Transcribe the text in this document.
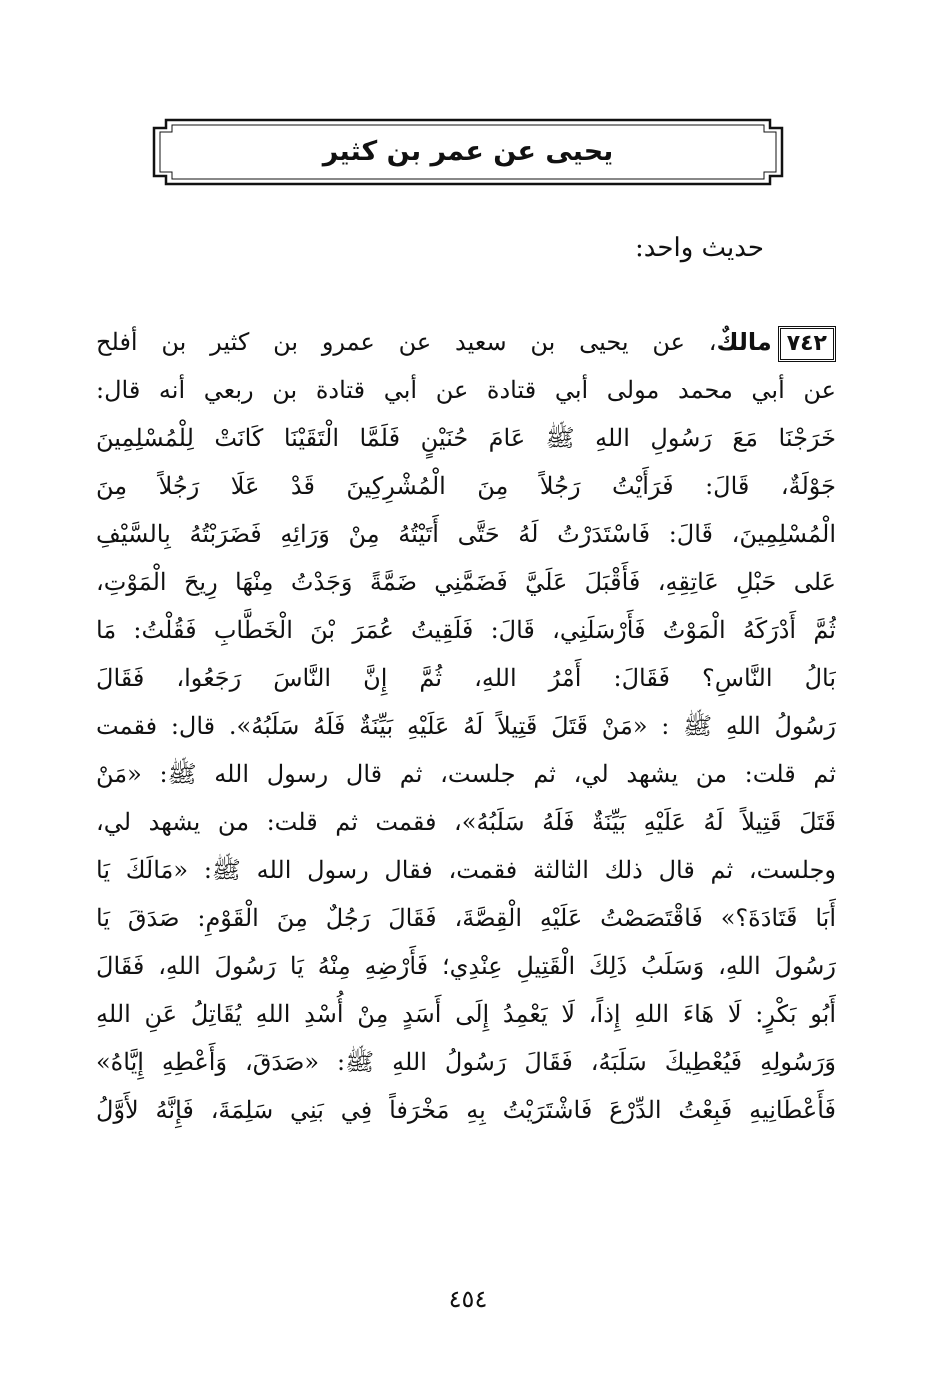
يحيى عن عمر بن كثير
حديث واحد:
٧٤٢مالكٌ، عن يحيى بن سعيد عن عمرو بن كثير بن أفلح
عن أبي محمد مولى أبي قتادة عن أبي قتادة بن ربعي أنه قال:
خَرَجْنَا مَعَ رَسُولِ اللهِ ﷺ عَامَ حُنَيْنٍ فَلَمَّا الْتَقَيْنَا كَانَتْ لِلْمُسْلِمِينَ
جَوْلَةٌ، قَالَ: فَرَأَيْتُ رَجُلاً مِنَ الْمُشْرِكِينَ قَدْ عَلَا رَجُلاً مِنَ
الْمُسْلِمِينَ، قَالَ: فَاسْتَدَرْتُ لَهُ حَتَّى أَتَيْتُهُ مِنْ وَرَائِهِ فَضَرَبْتُهُ بِالسَّيْفِ
عَلى حَبْلِ عَاتِقِهِ، فَأَقْبَلَ عَلَيَّ فَضَمَّنِي ضَمَّةً وَجَدْتُ مِنْهَا رِيحَ الْمَوْتِ،
ثُمَّ أَدْرَكَهُ الْمَوْتُ فَأَرْسَلَنِي، قَالَ: فَلَقِيتُ عُمَرَ بْنَ الْخَطَّابِ فَقُلْتُ: مَا
بَالُ النَّاسِ؟ فَقَالَ: أَمْرُ اللهِ، ثُمَّ إِنَّ النَّاسَ رَجَعُوا، فَقَالَ
رَسُولُ اللهِ ﷺ : «مَنْ قَتَلَ قَتِيلاً لَهُ عَلَيْهِ بَيِّنَةٌ فَلَهُ سَلَبُهُ». قال: فقمت
ثم قلت: من يشهد لي، ثم جلست، ثم قال رسول الله ﷺ: «مَنْ
قَتَلَ قَتِيلاً لَهُ عَلَيْهِ بَيِّنَةٌ فَلَهُ سَلَبُهُ»، فقمت ثم قلت: من يشهد لي،
وجلست، ثم قال ذلك الثالثة فقمت، فقال رسول الله ﷺ: «مَالَكَ يَا
أَبَا قَتَادَةَ؟» فَاقْتَصَصْتُ عَلَيْهِ الْقِصَّةَ، فَقَالَ رَجُلٌ مِنَ الْقَوْمِ: صَدَقَ يَا
رَسُولَ اللهِ، وَسَلَبُ ذَلِكَ الْقَتِيلِ عِنْدِي؛ فَأَرْضِهِ مِنْهُ يَا رَسُولَ اللهِ، فَقَالَ
أَبُو بَكْرٍ: لَا هَاءَ اللهِ إِذاً، لَا يَعْمِدُ إِلَى أَسَدٍ مِنْ أُسْدِ اللهِ يُقَاتِلُ عَنِ اللهِ
وَرَسُولِهِ فَيُعْطِيكَ سَلَبَهُ، فَقَالَ رَسُولُ اللهِ ﷺ: «صَدَقَ، وَأَعْطِهِ إِيَّاهُ»
فَأَعْطَانِيهِ فَبِعْتُ الدِّرْعَ فَاشْتَرَيْتُ بِهِ مَخْرَفاً فِي بَنِي سَلِمَةَ، فَإِنَّهُ لأَوَّلُ
٤٥٤
